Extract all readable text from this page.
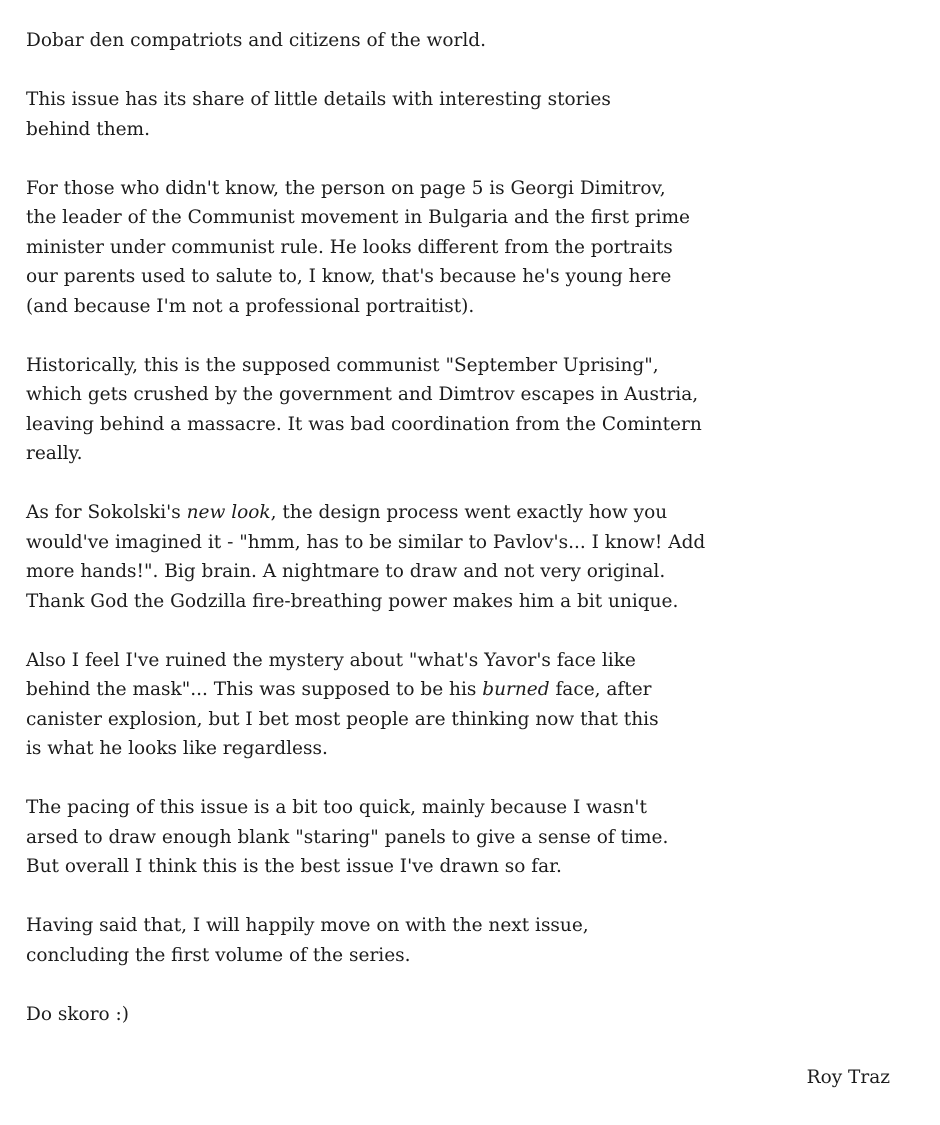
Dobar den compatriots and citizens of the world.

This issue has its share of little details with interesting stories
behind them.

For those who didn't know, the person on page 5 is Georgi Dimitrov,
the leader of the Communist movement in Bulgaria and the first prime
minister under communist rule. He looks different from the portraits
our parents used to salute to, I know, that's because he's young here
(and because I'm not a professional portraitist).

Historically, this is the supposed communist "September Uprising",
which gets crushed by the government and Dimtrov escapes in Austria,
leaving behind a massacre. It was bad coordination from the Comintern
really.

As for Sokolski's new look, the design process went exactly how you
would've imagined it - "hmm, has to be similar to Pavlov's... I know! Add
more hands!". Big brain. A nightmare to draw and not very original.
Thank God the Godzilla fire-breathing power makes him a bit unique.

Also I feel I've ruined the mystery about "what's Yavor's face like
behind the mask"... This was supposed to be his burned face, after
canister explosion, but I bet most people are thinking now that this
is what he looks like regardless.

The pacing of this issue is a bit too quick, mainly because I wasn't
arsed to draw enough blank "staring" panels to give a sense of time.
But overall I think this is the best issue I've drawn so far.

Having said that, I will happily move on with the next issue,
concluding the first volume of the series.

Do skoro :)

Roy Traz
